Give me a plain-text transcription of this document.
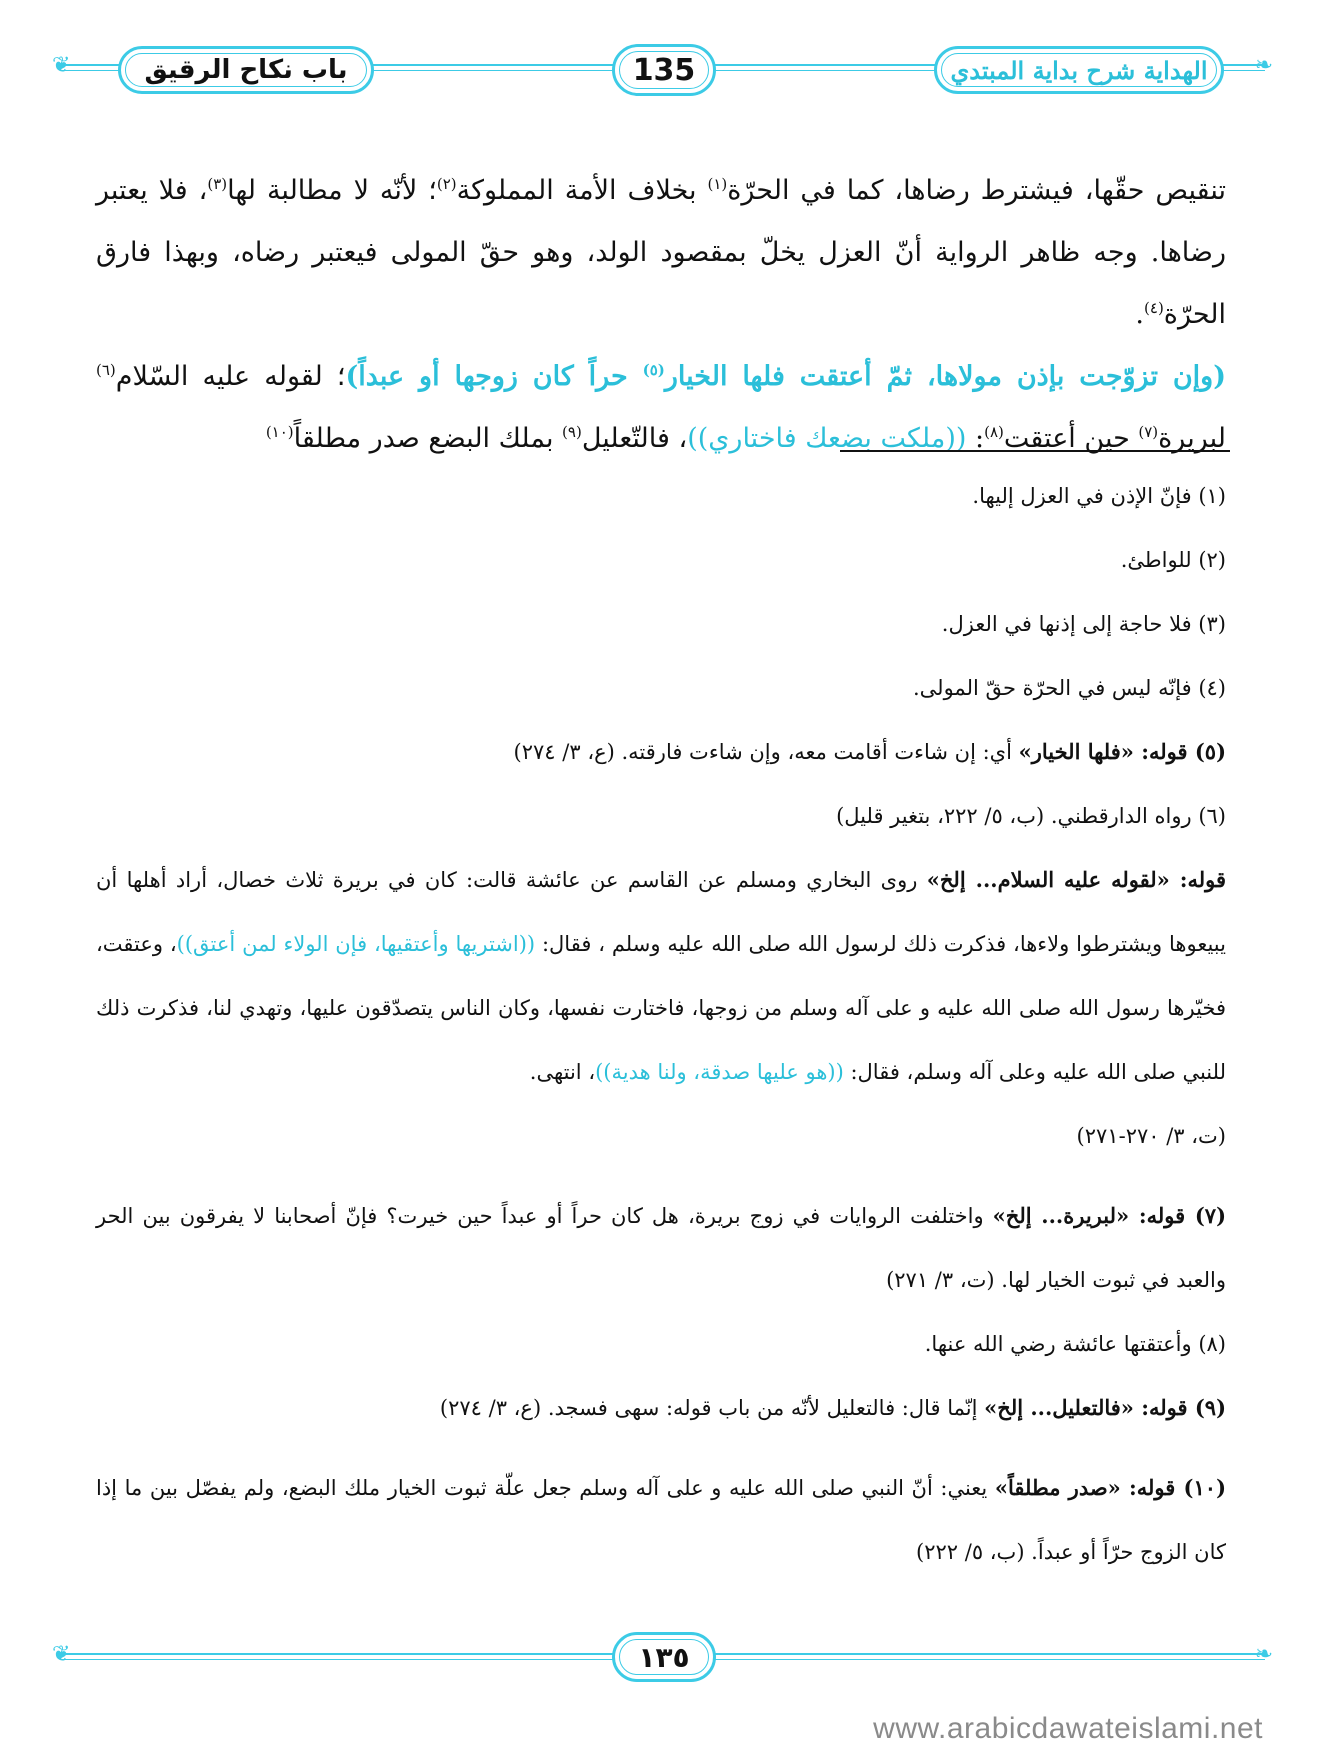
❦	❧
باب نكاح الرقيق	135	الهداية شرح بداية المبتدي

تنقيص حقّها، فيشترط رضاها، كما في الحرّة$^{(١)}$ بخلاف الأمة المملوكة$^{(٢)}$؛ لأنّه لا مطالبة لها$^{(٣)}$، فلا يعتبر رضاها. وجه ظاهر الرواية أنّ العزل يخلّ بمقصود الولد، وهو حقّ المولى فيعتبر رضاه، وبهذا فارق الحرّة$^{(٤)}$.

(وإن تزوّجت بإذن مولاها، ثمّ أعتقت فلها الخيار$^{(٥)}$ حراً كان زوجها أو عبداً)؛ لقوله عليه السّلام$^{(٦)}$ لبريرة$^{(٧)}$ حين أعتقت$^{(٨)}$: ((ملكت بضعك فاختاري))، فالتّعليل$^{(٩)}$ بملك البضع صدر مطلقاً$^{(١٠)}$

(١) فإنّ الإذن في العزل إليها.

(٢) للواطئ.

(٣) فلا حاجة إلى إذنها في العزل.

(٤) فإنّه ليس في الحرّة حقّ المولى.

(٥) قوله: «فلها الخيار» أي: إن شاءت أقامت معه، وإن شاءت فارقته. (ع، ٣/ ٢٧٤)

(٦) رواه الدارقطني. (ب، ٥/ ٢٢٢، بتغير قليل)

قوله: «لقوله عليه السلام... إلخ» روى البخاري ومسلم عن القاسم عن عائشة قالت: كان في بريرة ثلاث خصال، أراد أهلها أن يبيعوها ويشترطوا ولاءها، فذكرت ذلك لرسول الله صلى الله عليه وسلم ، فقال: ((اشتريها وأعتقيها، فإن الولاء لمن أعتق))، وعتقت، فخيّرها رسول الله صلى الله عليه و على آله وسلم من زوجها، فاختارت نفسها، وكان الناس يتصدّقون عليها، وتهدي لنا، فذكرت ذلك للنبي صلى الله عليه وعلى آله وسلم، فقال: ((هو عليها صدقة، ولنا هدية))، انتهى.
(ت، ٣/ ٢٧٠-٢٧١)

(٧) قوله: «لبريرة... إلخ» واختلفت الروايات في زوج بريرة، هل كان حراً أو عبداً حين خيرت؟ فإنّ أصحابنا لا يفرقون بين الحر والعبد في ثبوت الخيار لها. (ت، ٣/ ٢٧١)

(٨) وأعتقتها عائشة رضي الله عنها.

(٩) قوله: «فالتعليل... إلخ» إنّما قال: فالتعليل لأنّه من باب قوله: سهى فسجد. (ع، ٣/ ٢٧٤)

(١٠) قوله: «صدر مطلقاً» يعني: أنّ النبي صلى الله عليه و على آله وسلم جعل علّة ثبوت الخيار ملك البضع، ولم يفصّل بين ما إذا كان الزوج حرّاً أو عبداً. (ب، ٥/ ٢٢٢)

❦	❧
١٣٥
www.arabicdawateislami.net
